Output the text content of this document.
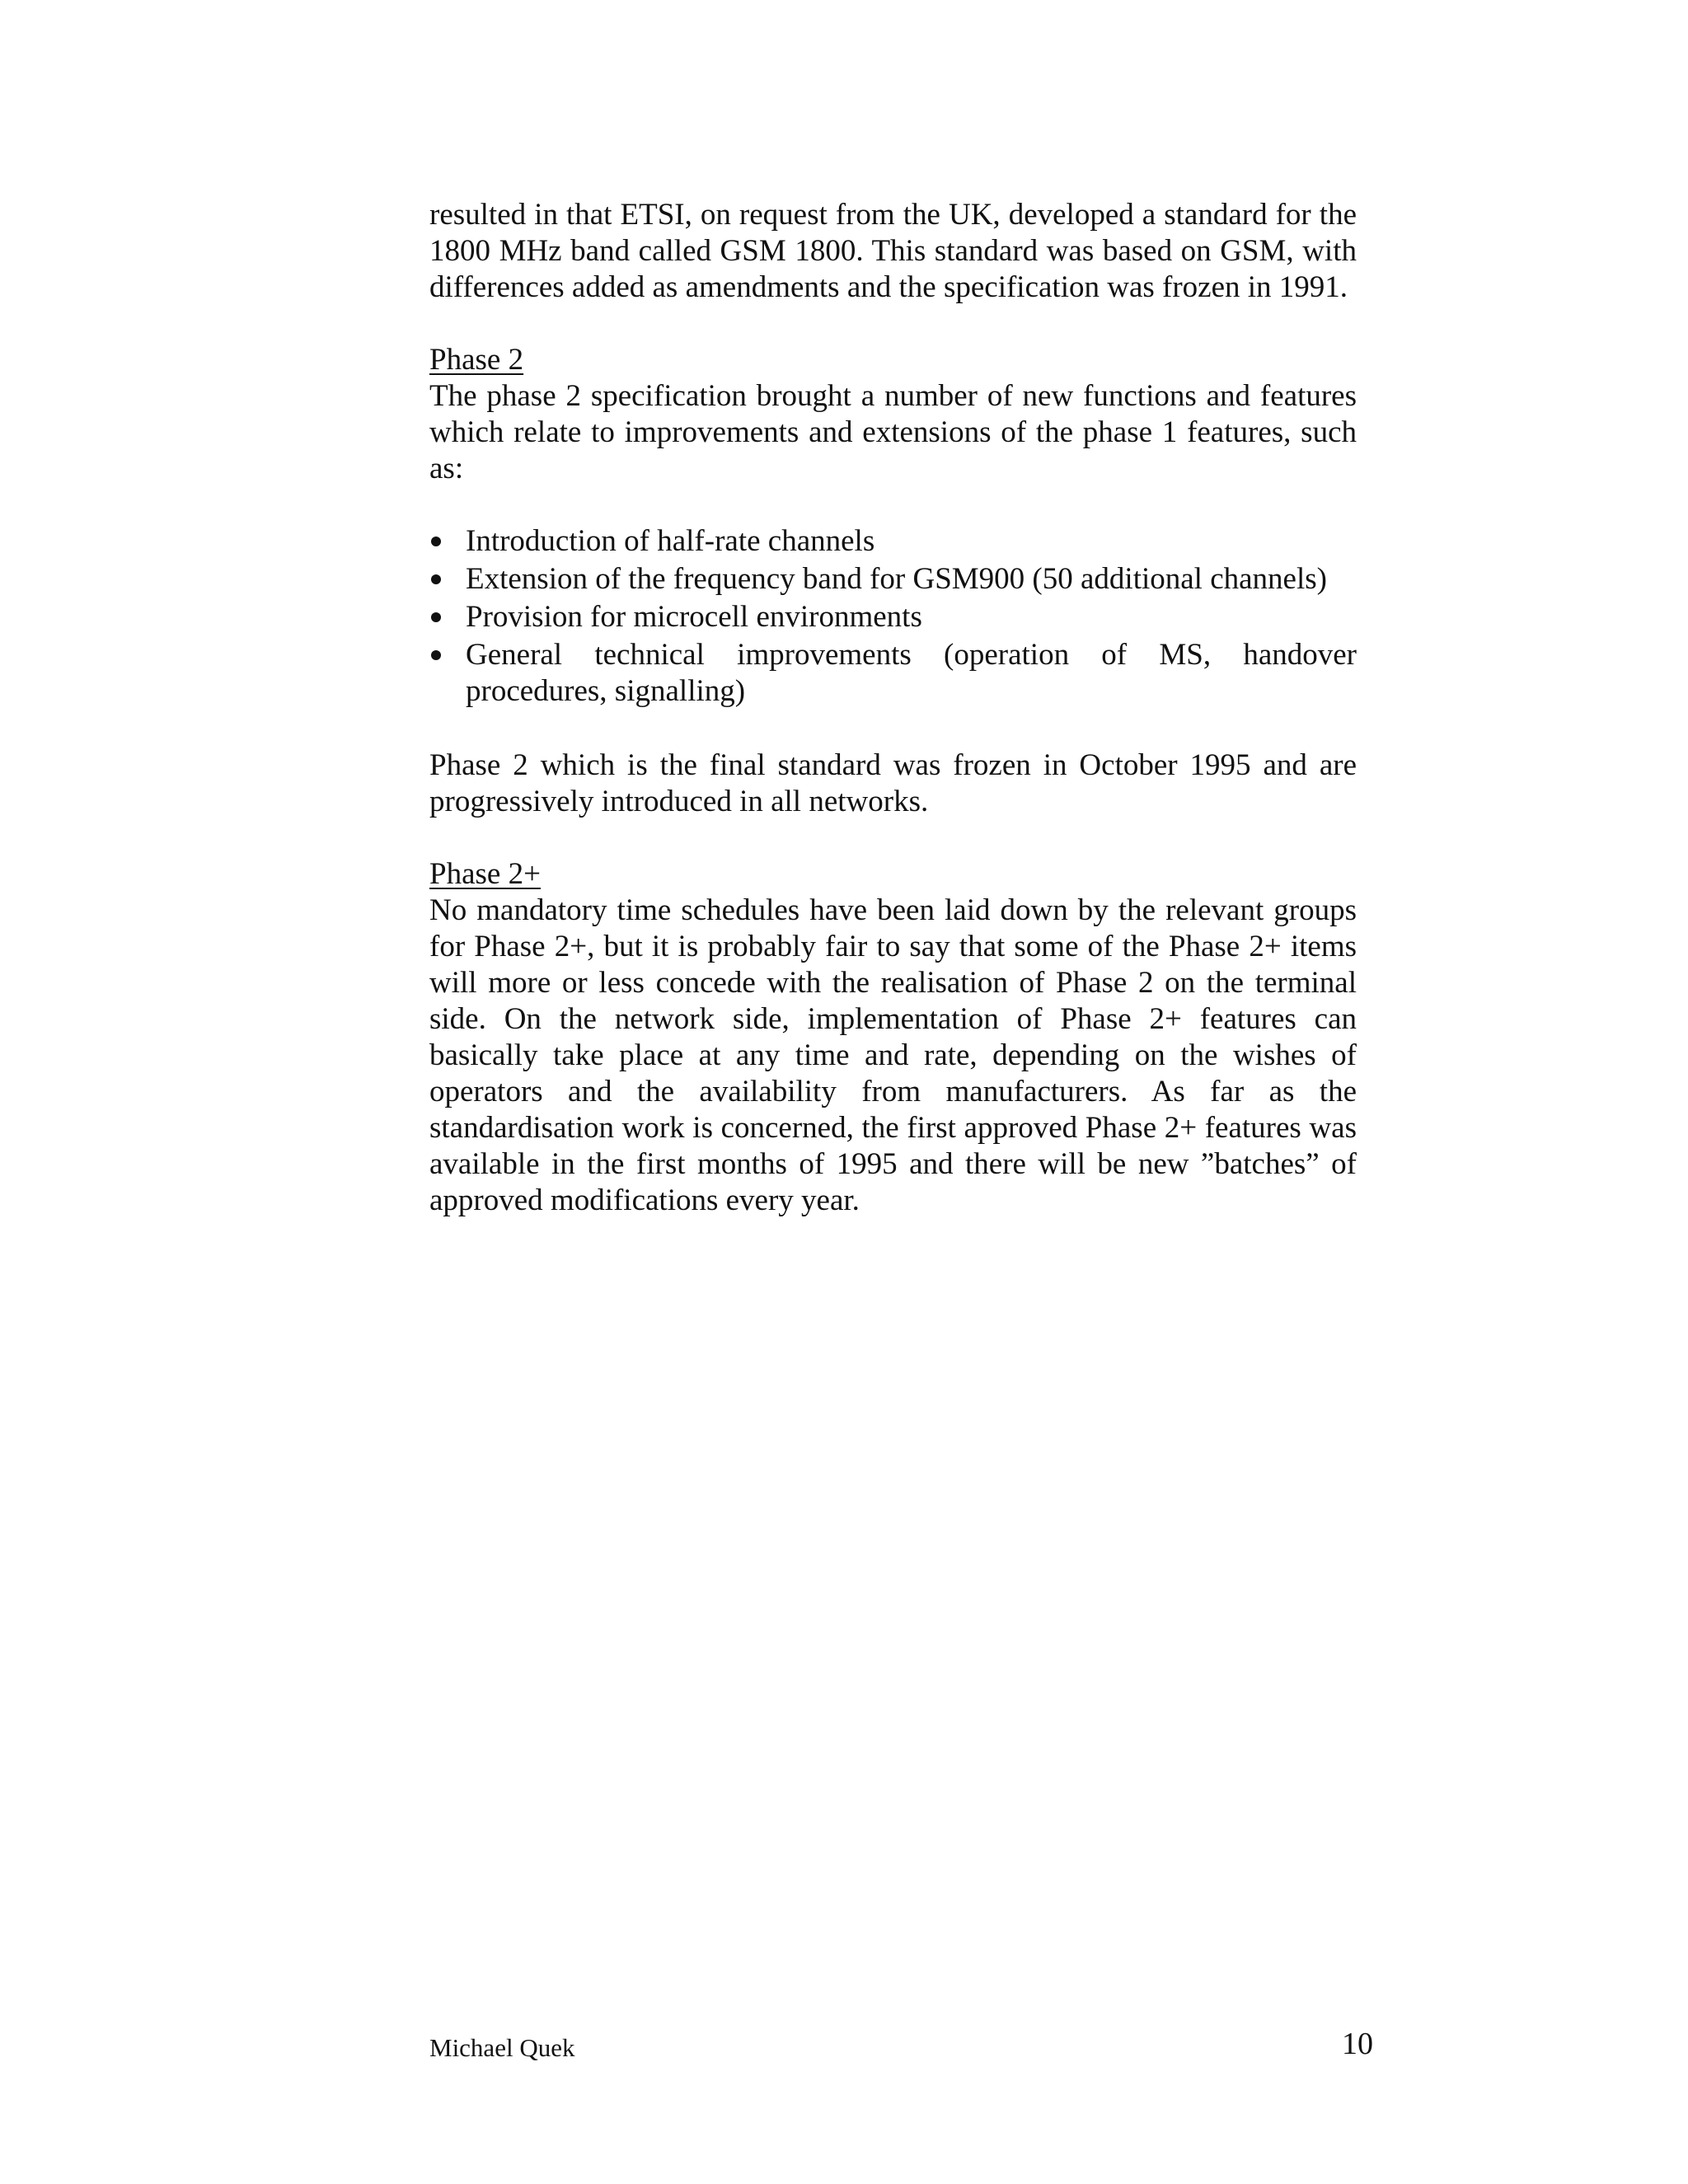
resulted in that ETSI, on request from the UK, developed a standard for the 1800 MHz band called GSM 1800. This standard was based on GSM, with differences added as amendments and the specification was frozen in 1991.

Phase 2

The phase 2 specification brought a number of new functions and features which relate to improvements and extensions of the phase 1 features, such as:

Introduction of half-rate channels
Extension of the frequency band for GSM900 (50 additional channels)
Provision for microcell environments
General technical improvements (operation of MS, handover procedures, signalling)

Phase 2 which is the final standard was frozen in October 1995 and are progressively introduced in all networks.

Phase 2+

No mandatory time schedules have been laid down by the relevant groups for Phase 2+, but it is probably fair to say that some of the Phase 2+ items will more or less concede with the realisation of Phase 2 on the terminal side. On the network side, implementation of Phase 2+ features can basically take place at any time and rate, depending on the wishes of operators and the availability from manufacturers. As far as the standardisation work is concerned, the first approved Phase 2+ features was available in the first months of 1995 and there will be new ”batches” of approved modifications every year.

Michael Quek	10
